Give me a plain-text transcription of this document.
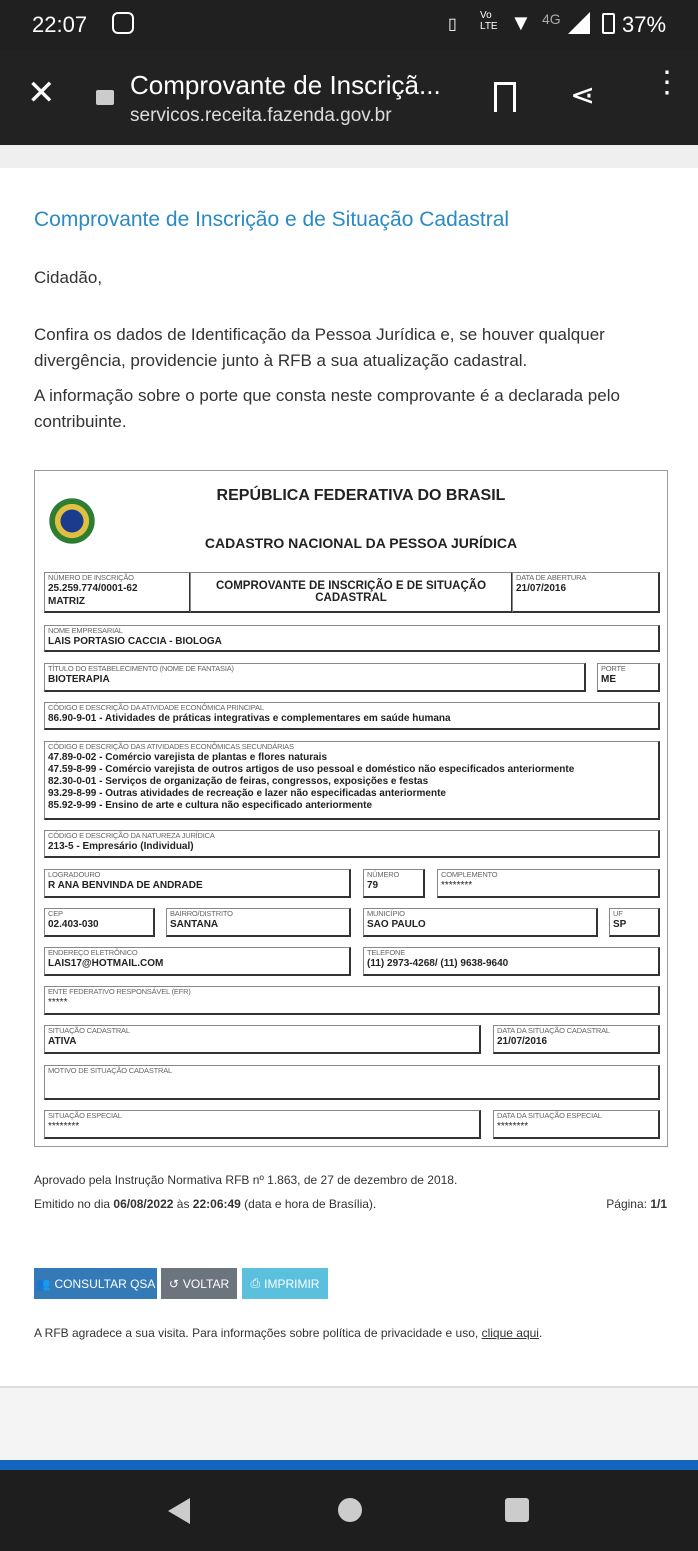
22:07	▯
Vo LTE ▼ 4G	37%
✕	Comprovante de Inscriçã...
servicos.receita.fazenda.gov.br
⋖ ⋮
Comprovante de Inscrição e de Situação Cadastral

Cidadão,

Confira os dados de Identificação da Pessoa Jurídica e, se houver qualquer divergência, providencie junto à RFB a sua atualização cadastral.

A informação sobre o porte que consta neste comprovante é a declarada pelo contribuinte.

REPÚBLICA FEDERATIVA DO BRASIL
CADASTRO NACIONAL DA PESSOA JURÍDICA
NÚMERO DE INSCRIÇÃO
25.259.774/0001-62
MATRIZ
COMPROVANTE DE INSCRIÇÃO E DE SITUAÇÃO CADASTRAL
DATA DE ABERTURA
21/07/2016
NOME EMPRESARIAL
LAIS PORTASIO CACCIA - BIOLOGA
TÍTULO DO ESTABELECIMENTO (NOME DE FANTASIA)
BIOTERAPIA
PORTE
ME
CÓDIGO E DESCRIÇÃO DA ATIVIDADE ECONÔMICA PRINCIPAL
86.90-9-01 - Atividades de práticas integrativas e complementares em saúde humana
CÓDIGO E DESCRIÇÃO DAS ATIVIDADES ECONÔMICAS SECUNDÁRIAS
47.89-0-02 - Comércio varejista de plantas e flores naturais
47.59-8-99 - Comércio varejista de outros artigos de uso pessoal e doméstico não especificados anteriormente
82.30-0-01 - Serviços de organização de feiras, congressos, exposições e festas
93.29-8-99 - Outras atividades de recreação e lazer não especificadas anteriormente
85.92-9-99 - Ensino de arte e cultura não especificado anteriormente
CÓDIGO E DESCRIÇÃO DA NATUREZA JURÍDICA
213-5 - Empresário (Individual)
LOGRADOURO
R ANA BENVINDA DE ANDRADE
NÚMERO
79
COMPLEMENTO
********
CEP
02.403-030
BAIRRO/DISTRITO
SANTANA
MUNICÍPIO
SAO PAULO
UF
SP
ENDEREÇO ELETRÔNICO
LAIS17@HOTMAIL.COM
TELEFONE
(11) 2973-4268/ (11) 9638-9640
ENTE FEDERATIVO RESPONSÁVEL (EFR)
*****
SITUAÇÃO CADASTRAL
ATIVA
DATA DA SITUAÇÃO CADASTRAL
21/07/2016
MOTIVO DE SITUAÇÃO CADASTRAL
SITUAÇÃO ESPECIAL
********
DATA DA SITUAÇÃO ESPECIAL
********
Aprovado pela Instrução Normativa RFB nº 1.863, de 27 de dezembro de 2018.
Emitido no dia 06/08/2022 às 22:06:49 (data e hora de Brasília).	Página: 1/1
👥 CONSULTAR QSA ↺ VOLTAR ⎙ IMPRIMIR
A RFB agradece a sua visita. Para informações sobre política de privacidade e uso, clique aqui.
